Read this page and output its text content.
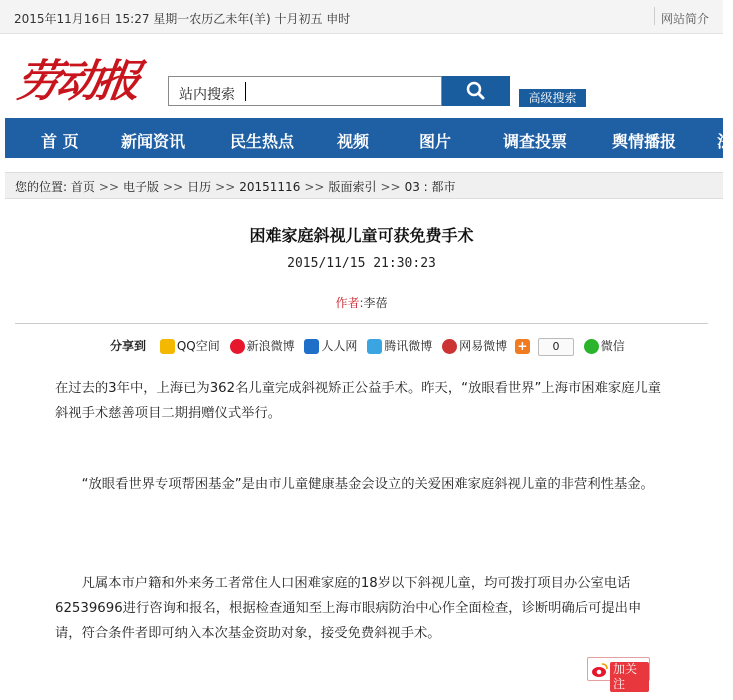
2015年11月16日 15:27 星期一农历乙未年(羊) 十月初五 申时	网站简介
劳动报	站内搜索	高级搜索
首 页	新闻资讯	民生热点	视频	图片	调查投票	舆情播报	法
您的位置: 首页 >> 电子版 >> 日历 >> 20151116 >> 版面索引 >> 03 : 都市
困难家庭斜视儿童可获免费手术
2015/11/15 21:30:23
作者:李蓓
分享到	QQ空间 新浪微博 人人网 腾讯微博 网易微博 + 0	微信
在过去的3年中，上海已为362名儿童完成斜视矫正公益手术。昨天，“放眼看世界”上海市困难家庭儿童斜视手术慈善项目二期捐赠仪式举行。
“放眼看世界专项帮困基金”是由市儿童健康基金会设立的关爱困难家庭斜视儿童的非营利性基金。
凡属本市户籍和外来务工者常住人口困难家庭的18岁以下斜视儿童，均可拨打项目办公室电话62539696进行咨询和报名，根据检查通知至上海市眼病防治中心作全面检查，诊断明确后可提出申请，符合条件者即可纳入本次基金资助对象，接受免费斜视手术。
加关注
